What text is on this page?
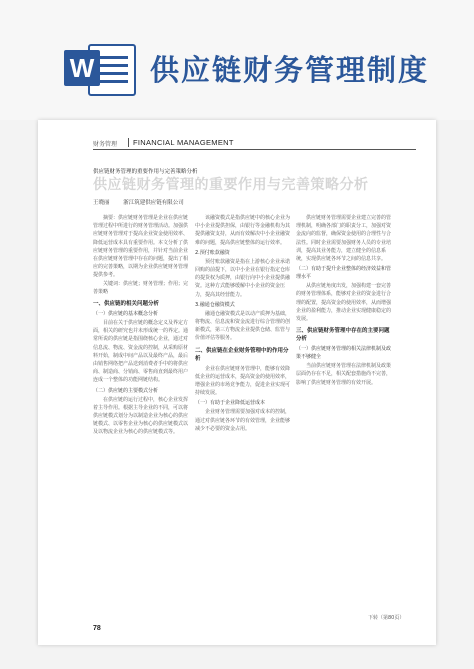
W 供应链财务管理制度
财务管理 FINANCIAL MANAGEMENT
供应链财务管理的重要作用与完善策略分析
供应链财务管理的重要作用与完善策略分析
王晓丽	浙江筑建供应链有限公司

摘要：供应链财务管理是企业在供应链管理过程中所进行的财务管理活动。加强供应链财务管理对于提高企业资金使用效率、降低运营成本具有重要作用。本文分析了供应链财务管理的重要作用，并针对当前企业在供应链财务管理中存在的问题，提出了相应的完善策略，以期为企业供应链财务管理提供参考。

关键词：供应链；财务管理；作用；完善策略

一、供应链的相关问题分析
（一）供应链的基本概念分析

目前在关于供应链的概念定义及界定方面，相关的研究也并未形成统一的界定。通常所说的供应链是指围绕核心企业，通过对信息流、物流、资金流的控制，从采购原材料开始，制成中间产品以及最终产品，最后由销售网络把产品送到消费者手中的将供应商、制造商、分销商、零售商直到最终用户连成一个整体的功能网链结构。

（二）供应链的主要模式分析

在供应链的运行过程中，核心企业发挥着主导作用。根据主导企业的不同，可以将供应链模式划分为以制造企业为核心的供应链模式、以零售企业为核心的供应链模式以及以物流企业为核心的供应链模式等。

该融资模式是指供应链中的核心企业为中小企业提供担保，由银行等金融机构为其提供融资支持，从而有效解决中小企业融资难的问题，提高供应链整体的运行效率。

2.预付账款融资

预付账款融资是指在上游核心企业承诺回购的前提下，以中小企业在银行指定仓库的提货权为质押，由银行向中小企业提供融资。这种方式能够缓解中小企业的资金压力，提高其经营能力。

3.融通仓融资模式

融通仓融资模式是以动产质押为基础，将物流、信息流和资金流进行综合管理的创新模式，第三方物流企业提供仓储、监管与价值评估等服务。

二、供应链在企业财务管理中的作用分析

企业在供应链财务管理中，能够有效降低企业的运营成本，提高资金的使用效率，增强企业的市场竞争能力，促进企业实现可持续发展。

（一）有助于企业降低运营成本

企业财务管理需要加强对成本的控制，通过对供应链各环节的有效管理，企业能够减少不必要的资金占用。

供应链财务管理需要企业建立完善的管理机制，明确各部门的职责分工，加强对资金流向的监督，确保资金使用的合理性与合法性。同时企业需要加强财务人员的专业培训，提高其业务能力，建立健全的信息系统，实现供应链各环节之间的信息共享。

（二）有助于提升企业整体的经济效益和管理水平

从供应链角度出发，加强构建一套完善的财务管理体系，能够对企业的资金进行合理的配置，提高资金的使用效率，从而增强企业的盈利能力，推动企业实现健康稳定的发展。

三、供应链财务管理中存在的主要问题分析
（一）供应链财务管理的相关法律机制及政策不够健全

当前供应链财务管理在法律机制及政策层面仍存在不足，相关配套措施尚不完善，影响了供应链财务管理的有效开展。

下转（第80页）
78
